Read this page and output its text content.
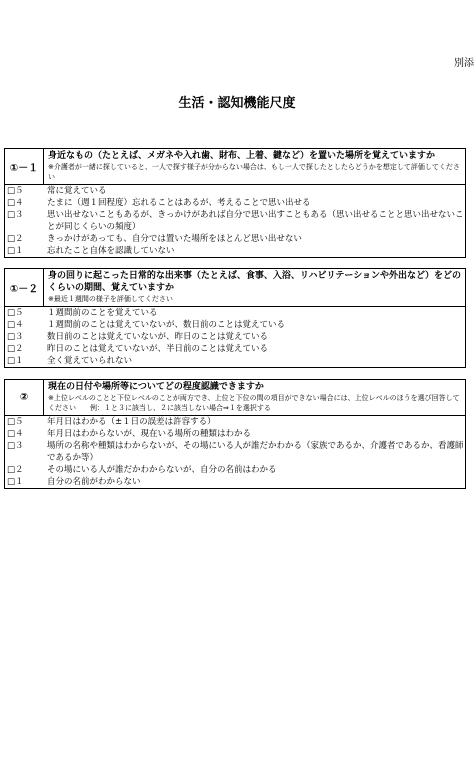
別添
生活・認知機能尺度
①－１
身近なもの（たとえば、メガネや入れ歯、財布、上着、鍵など）を置いた場所を覚えていますか
※介護者が一緒に探していると、一人で探す様子が分からない場合は、もし一人で探したとしたらどうかを想定して評価してください
□５	常に覚えている
□４	たまに（週１回程度）忘れることはあるが、考えることで思い出せる
□３	思い出せないこともあるが、きっかけがあれば自分で思い出すこともある（思い出せることと思い出せないことが同じくらいの頻度）
□２	きっかけがあっても、自分では置いた場所をほとんど思い出せない
□１	忘れたこと自体を認識していない
①－２
身の回りに起こった日常的な出来事（たとえば、食事、入浴、リハビリテーションや外出など）をどのくらいの期間、覚えていますか
※最近１週間の様子を評価してください
□５	１週間前のことを覚えている
□４	１週間前のことは覚えていないが、数日前のことは覚えている
□３	数日前のことは覚えていないが、昨日のことは覚えている
□２	昨日のことは覚えていないが、半日前のことは覚えている
□１	全く覚えていられない
②
現在の日付や場所等についてどの程度認識できますか
※上位レベルのことと下位レベルのことが両方でき、上位と下位の間の項目ができない場合には、上位レベルのほうを選び回答してください　　例：１と３に該当し、２に該当しない場合⇒１を選択する
□５	年月日はわかる（±１日の誤差は許容する）
□４	年月日はわからないが、現在いる場所の種類はわかる
□３	場所の名称や種類はわからないが、その場にいる人が誰だかわかる（家族であるか、介護者であるか、看護師であるか等）
□２	その場にいる人が誰だかわからないが、自分の名前はわかる
□１	自分の名前がわからない
